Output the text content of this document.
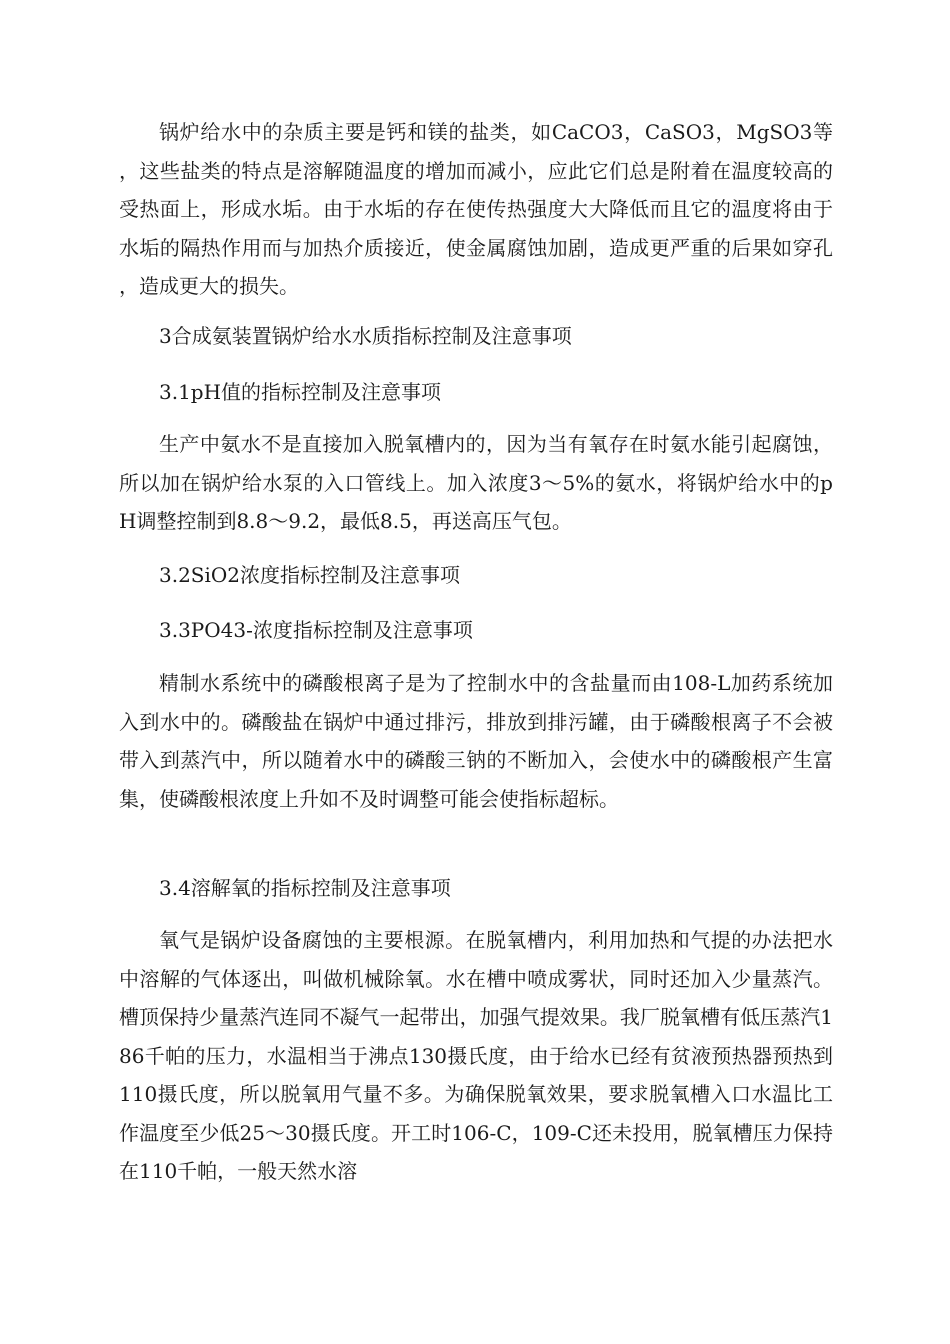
锅炉给水中的杂质主要是钙和镁的盐类，如CaCO3，CaSO3，MgSO3等，这些盐类的特点是溶解随温度的增加而减小，应此它们总是附着在温度较高的受热面上，形成水垢。由于水垢的存在使传热强度大大降低而且它的温度将由于水垢的隔热作用而与加热介质接近，使金属腐蚀加剧，造成更严重的后果如穿孔，造成更大的损失。

3合成氨装置锅炉给水水质指标控制及注意事项

3.1pH值的指标控制及注意事项

生产中氨水不是直接加入脱氧槽内的，因为当有氧存在时氨水能引起腐蚀，所以加在锅炉给水泵的入口管线上。加入浓度3～5%的氨水，将锅炉给水中的pH调整控制到8.8～9.2，最低8.5，再送高压气包。

3.2SiO2浓度指标控制及注意事项

3.3PO43-浓度指标控制及注意事项

精制水系统中的磷酸根离子是为了控制水中的含盐量而由108-L加药系统加入到水中的。磷酸盐在锅炉中通过排污，排放到排污罐，由于磷酸根离子不会被带入到蒸汽中，所以随着水中的磷酸三钠的不断加入，会使水中的磷酸根产生富集，使磷酸根浓度上升如不及时调整可能会使指标超标。

3.4溶解氧的指标控制及注意事项

氧气是锅炉设备腐蚀的主要根源。在脱氧槽内，利用加热和气提的办法把水中溶解的气体逐出，叫做机械除氧。水在槽中喷成雾状，同时还加入少量蒸汽。槽顶保持少量蒸汽连同不凝气一起带出，加强气提效果。我厂脱氧槽有低压蒸汽186千帕的压力，水温相当于沸点130摄氏度，由于给水已经有贫液预热器预热到110摄氏度，所以脱氧用气量不多。为确保脱氧效果，要求脱氧槽入口水温比工作温度至少低25～30摄氏度。开工时106-C，109-C还未投用，脱氧槽压力保持在110千帕，一般天然水溶
